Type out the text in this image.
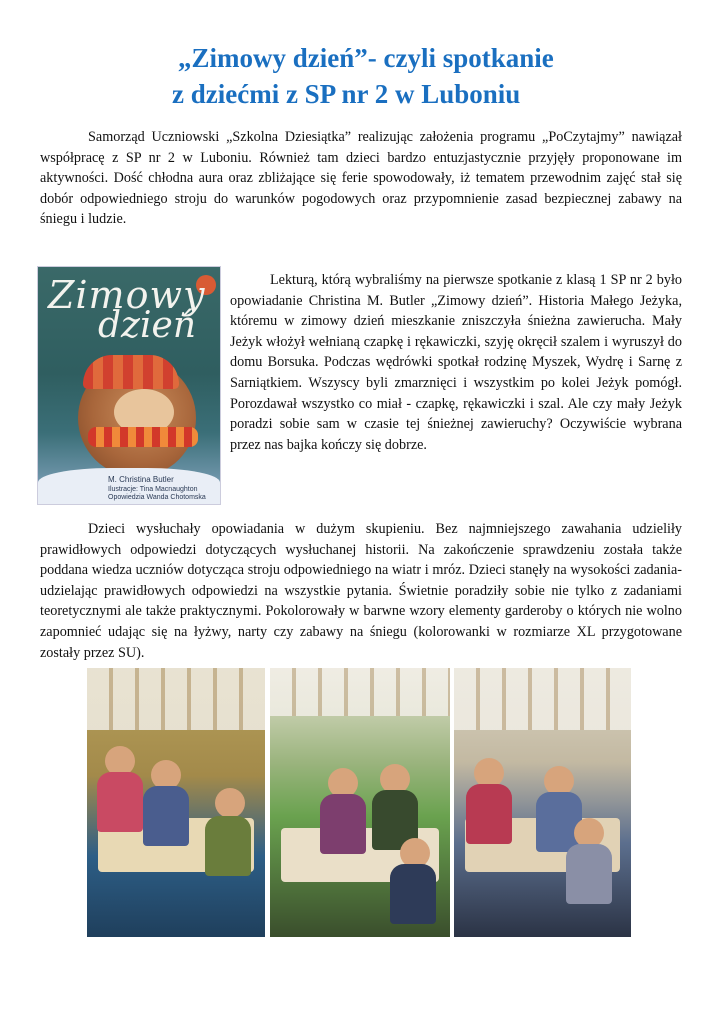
„Zimowy dzień”- czyli spotkanie
z dziećmi z SP nr 2 w Luboniu

Samorząd Uczniowski „Szkolna Dziesiątka” realizując założenia programu „PoCzytajmy” nawiązał współpracę z SP nr 2 w Luboniu. Również tam dzieci bardzo entuzjastycznie przyjęły proponowane im aktywności. Dość chłodna aura oraz zbliżające się ferie spowodowały, iż tematem przewodnim zajęć stał się dobór odpowiedniego stroju do warunków pogodowych oraz przypomnienie zasad bezpiecznej zabawy na śniegu i ludzie.

Zimowy
dzień
M. Christina Butler
Ilustracje: Tina Macnaughton
Opowiedzia Wanda Chotomska

Lekturą, którą wybraliśmy na pierwsze spotkanie z klasą 1 SP nr 2 było opowiadanie Christina M. Butler „Zimowy dzień”. Historia Małego Jeżyka, któremu w zimowy dzień mieszkanie zniszczyła śnieżna zawierucha. Mały Jeżyk włożył wełnianą czapkę i rękawiczki, szyję okręcił szalem i wyruszył do domu Borsuka. Podczas wędrówki spotkał rodzinę Myszek, Wydrę i Sarnę z Sarniątkiem. Wszyscy byli zmarznięci i wszystkim po kolei Jeżyk pomógł. Porozdawał wszystko co miał - czapkę, rękawiczki i szal. Ale czy mały Jeżyk poradzi sobie sam w czasie tej śnieżnej zawieruchy? Oczywiście wybrana przez nas bajka kończy się dobrze.

Dzieci wysłuchały opowiadania w dużym skupieniu. Bez najmniejszego zawahania udzieliły prawidłowych odpowiedzi dotyczących wysłuchanej historii. Na zakończenie sprawdzeniu została także poddana wiedza uczniów dotycząca stroju odpowiedniego na wiatr i mróz. Dzieci stanęły na wysokości zadania- udzielając prawidłowych odpowiedzi na wszystkie pytania. Świetnie poradziły sobie nie tylko z zadaniami teoretycznymi ale także praktycznymi. Pokolorowały w barwne wzory elementy garderoby o których nie wolno zapomnieć udając się na łyżwy, narty czy zabawy na śniegu (kolorowanki w rozmiarze XL przygotowane zostały przez SU).
